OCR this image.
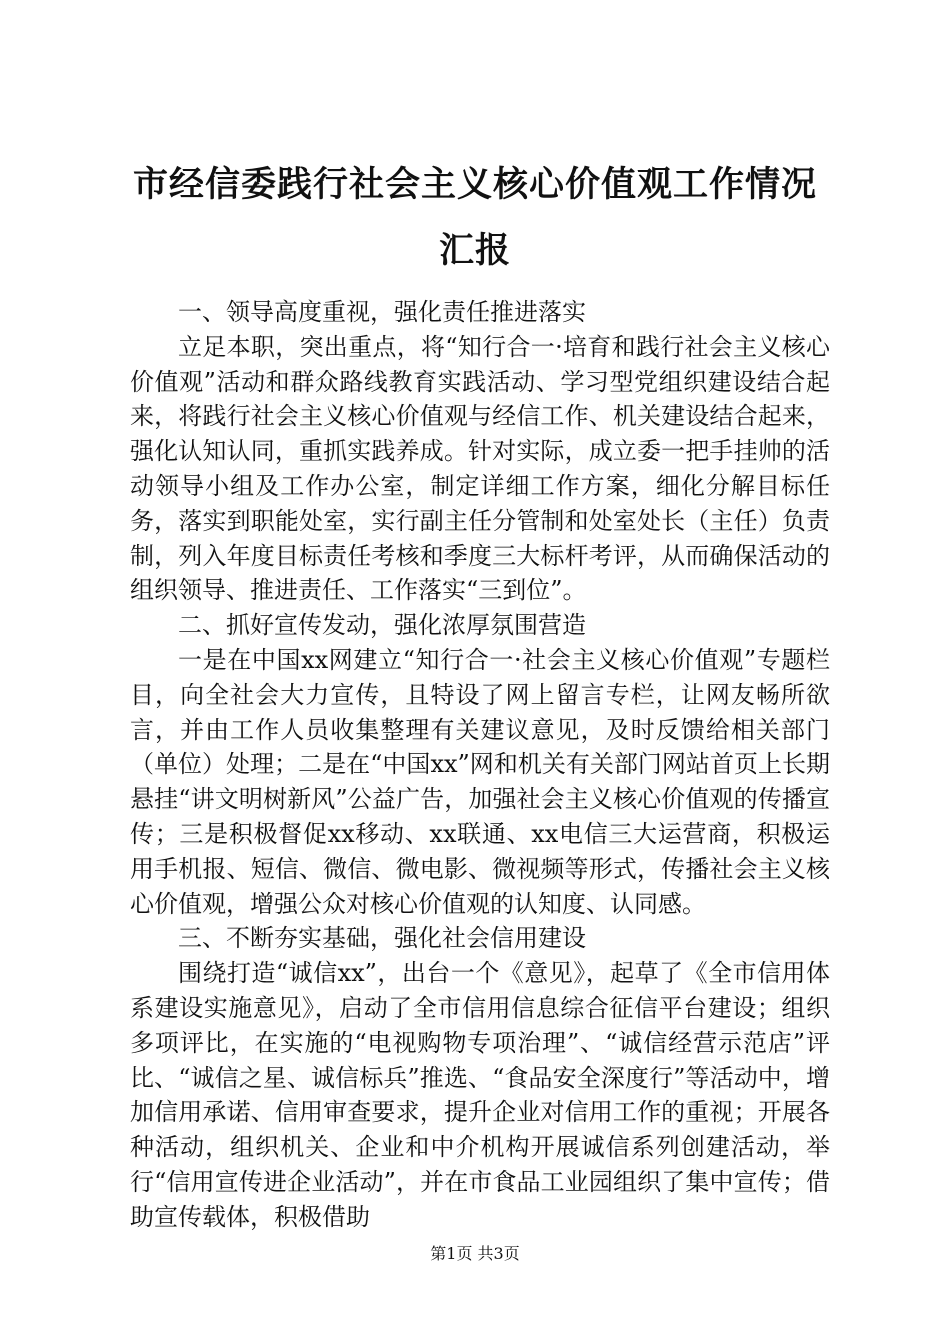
市经信委践行社会主义核心价值观工作情况汇报

一、领导高度重视，强化责任推进落实

立足本职，突出重点，将“知行合一·培育和践行社会主义核心价值观”活动和群众路线教育实践活动、学习型党组织建设结合起来，将践行社会主义核心价值观与经信工作、机关建设结合起来，强化认知认同，重抓实践养成。针对实际，成立委一把手挂帅的活动领导小组及工作办公室，制定详细工作方案，细化分解目标任务，落实到职能处室，实行副主任分管制和处室处长（主任）负责制，列入年度目标责任考核和季度三大标杆考评，从而确保活动的组织领导、推进责任、工作落实“三到位”。

二、抓好宣传发动，强化浓厚氛围营造

一是在中国xx网建立“知行合一·社会主义核心价值观”专题栏目，向全社会大力宣传，且特设了网上留言专栏，让网友畅所欲言，并由工作人员收集整理有关建议意见，及时反馈给相关部门（单位）处理；二是在“中国xx”网和机关有关部门网站首页上长期悬挂“讲文明树新风”公益广告，加强社会主义核心价值观的传播宣传；三是积极督促xx移动、xx联通、xx电信三大运营商，积极运用手机报、短信、微信、微电影、微视频等形式，传播社会主义核心价值观，增强公众对核心价值观的认知度、认同感。

三、不断夯实基础，强化社会信用建设

围绕打造“诚信xx”，出台一个《意见》，起草了《全市信用体系建设实施意见》，启动了全市信用信息综合征信平台建设；组织多项评比，在实施的“电视购物专项治理”、“诚信经营示范店”评比、“诚信之星、诚信标兵”推选、“食品安全深度行”等活动中，增加信用承诺、信用审查要求，提升企业对信用工作的重视；开展各种活动，组织机关、企业和中介机构开展诚信系列创建活动，举行“信用宣传进企业活动”，并在市食品工业园组织了集中宣传；借助宣传载体，积极借助

第1页 共3页
